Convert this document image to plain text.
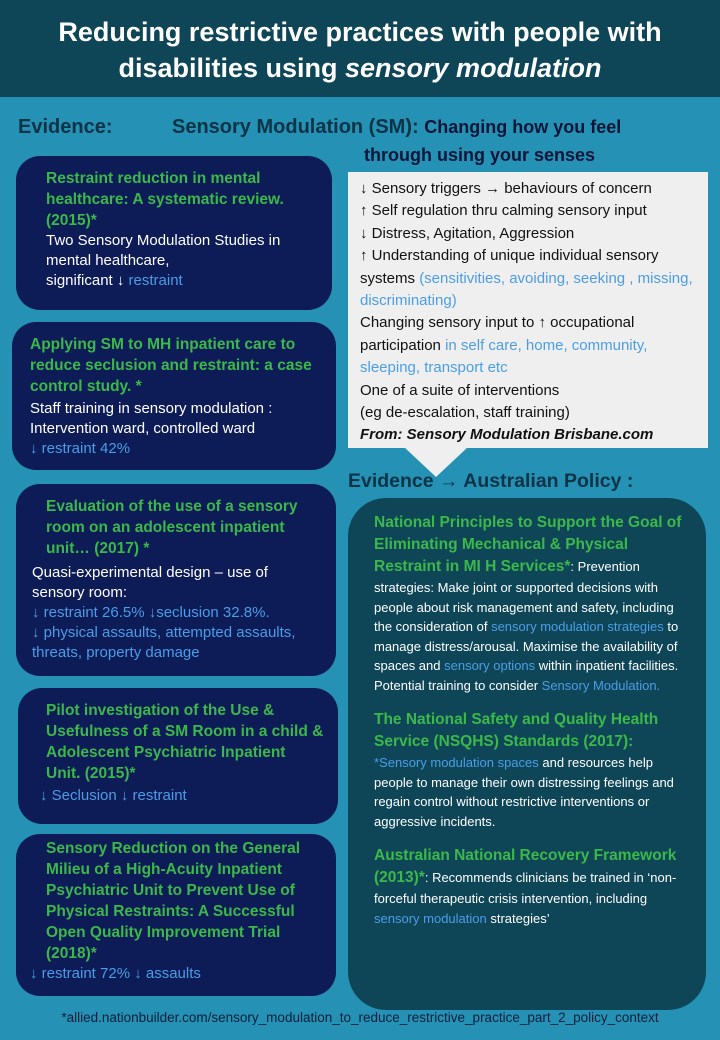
Reducing restrictive practices with people with
disabilities using sensory modulation
Evidence:	Sensory Modulation (SM): Changing how you feel
through using your senses
Restraint reduction in mental healthcare: A systematic review. (2015)*
Two Sensory Modulation Studies in mental healthcare,
significant ↓ restraint
Applying SM to MH inpatient care to reduce seclusion and restraint: a case control study. *
Staff training in sensory modulation : Intervention ward, controlled ward
↓ restraint 42%
Evaluation of the use of a sensory room on an adolescent inpatient unit… (2017) *
Quasi-experimental design – use of sensory room:
↓ restraint 26.5% ↓seclusion 32.8%.
↓ physical assaults, attempted assaults, threats, property damage
Pilot investigation of the Use & Usefulness of a SM Room in a child & Adolescent Psychiatric Inpatient Unit. (2015)*
↓ Seclusion ↓ restraint
Sensory Reduction on the General Milieu of a High-Acuity Inpatient Psychiatric Unit to Prevent Use of Physical Restraints: A Successful Open Quality Improvement Trial (2018)*
↓ restraint 72% ↓ assaults
↓ Sensory triggers → behaviours of concern
↑ Self regulation thru calming sensory input
↓ Distress, Agitation, Aggression
↑ Understanding of unique individual sensory systems (sensitivities, avoiding, seeking , missing, discriminating)
Changing sensory input to ↑ occupational participation in self care, home, community, sleeping, transport etc
One of a suite of interventions
(eg de-escalation, staff training)
From: Sensory Modulation Brisbane.com
Evidence → Australian Policy :
National Principles to Support the Goal of Eliminating Mechanical & Physical Restraint in MI H Services*: Prevention strategies: Make joint or supported decisions with people about risk management and safety, including the consideration of sensory modulation strategies to manage distress/arousal. Maximise the availability of spaces and sensory options within inpatient facilities. Potential training to consider Sensory Modulation.
The National Safety and Quality Health Service (NSQHS) Standards (2017):
*Sensory modulation spaces and resources help people to manage their own distressing feelings and regain control without restrictive interventions or aggressive incidents.
Australian National Recovery Framework (2013)*: Recommends clinicians be trained in ‘non-forceful therapeutic crisis intervention, including sensory modulation strategies’
*allied.nationbuilder.com/sensory_modulation_to_reduce_restrictive_practice_part_2_policy_context
